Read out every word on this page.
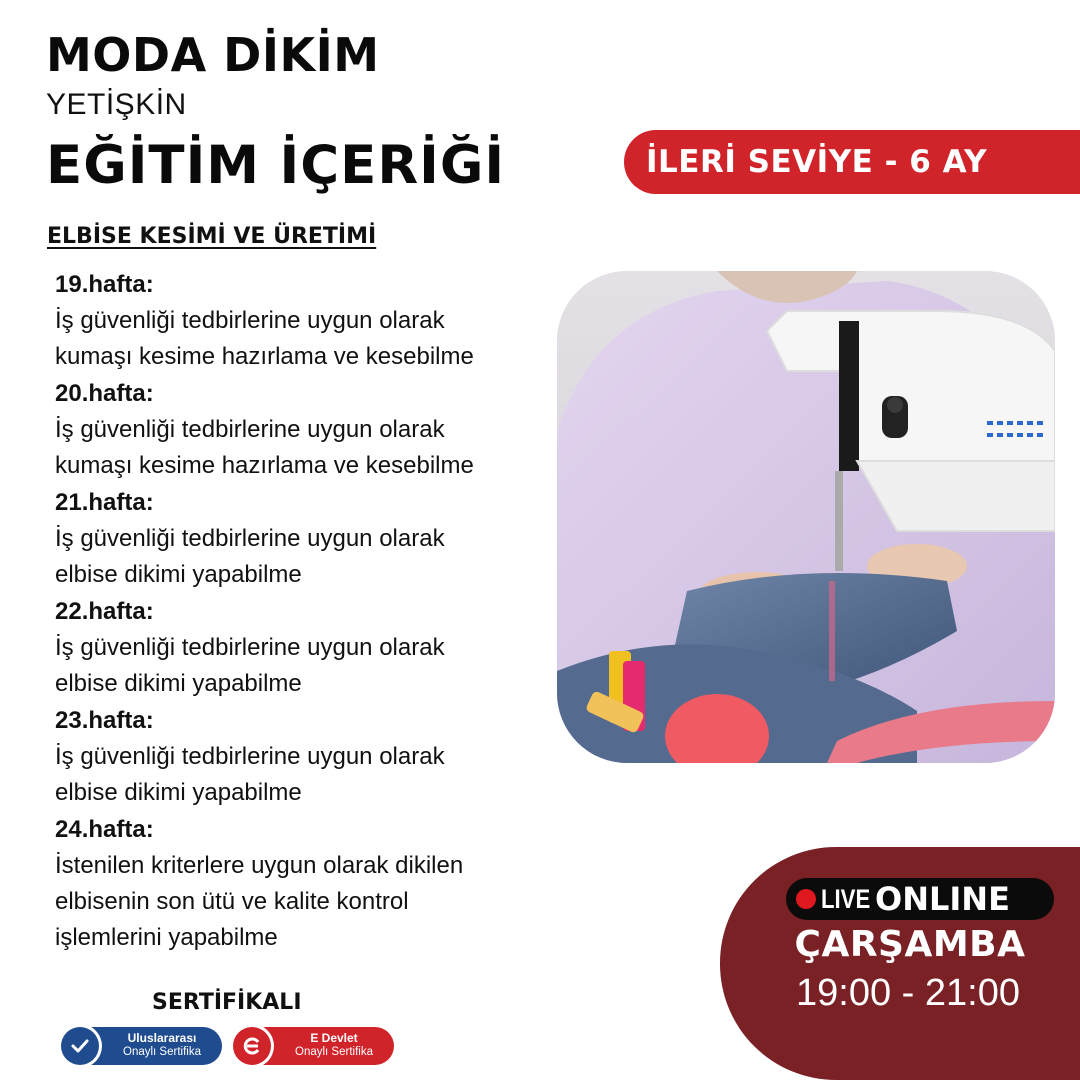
MODA DİKİM
YETİŞKİN
EĞİTİM İÇERİĞİ
ELBİSE KESİMİ VE ÜRETİMİ
İLERİ SEVİYE - 6 AY
19.hafta:
İş güvenliği tedbirlerine uygun olarak
kumaşı kesime hazırlama ve kesebilme
20.hafta:
İş güvenliği tedbirlerine uygun olarak
kumaşı kesime hazırlama ve kesebilme
21.hafta:
İş güvenliği tedbirlerine uygun olarak
elbise dikimi yapabilme
22.hafta:
İş güvenliği tedbirlerine uygun olarak
elbise dikimi yapabilme
23.hafta:
İş güvenliği tedbirlerine uygun olarak
elbise dikimi yapabilme
24.hafta:
İstenilen kriterlere uygun olarak dikilen
elbisenin son ütü ve kalite kontrol
işlemlerini yapabilme
SERTİFİKALI
Uluslararası
Onaylı Sertifika
E Devlet
Onaylı Sertifika
LIVE ONLINE
ÇARŞAMBA
19:00 - 21:00
